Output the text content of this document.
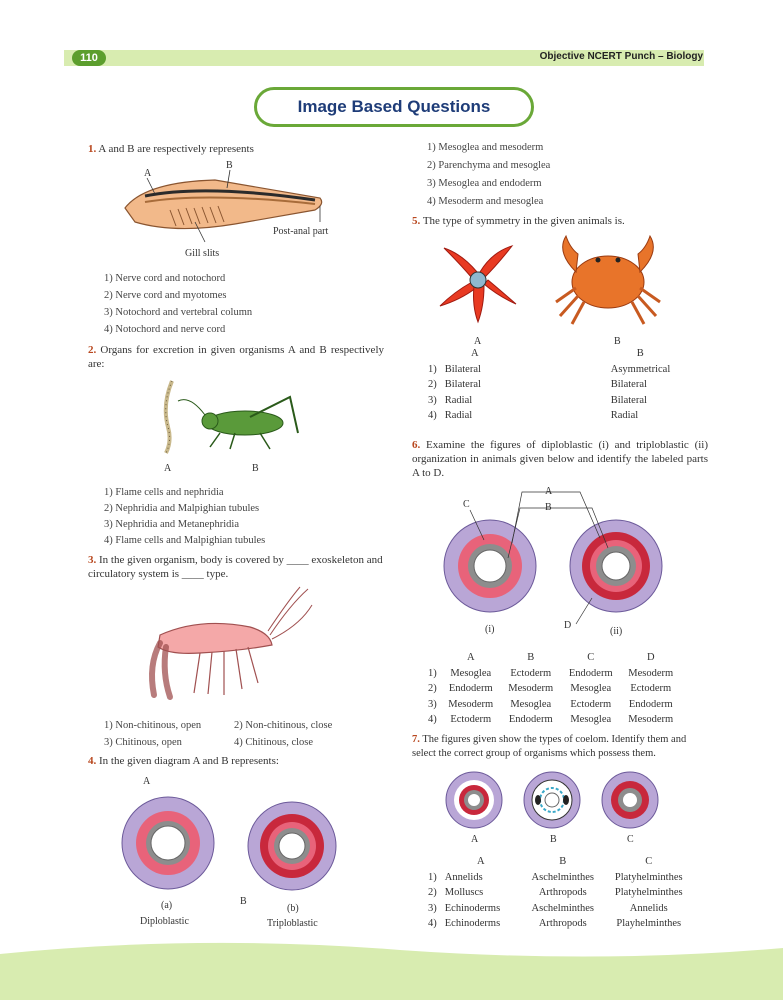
110	Objective NCERT Punch – Biology
Image Based Questions
1. A and B are respectively represents
A
B
Post-anal part
Gill slits
1) Nerve cord and notochord
2) Nerve cord and myotomes
3) Notochord and vertebral column
4) Notochord and nerve cord
2. Organs for excretion in given organisms A and B respectively are:
A	B
1) Flame cells and nephridia
2) Nephridia and Malpighian tubules
3) Nephridia and Metanephridia
4) Flame cells and Malpighian tubules
3. In the given organism, body is covered by ____ exoskeleton and circulatory system is ____ type.
1) Non-chitinous, open	2) Non-chitinous, close
3) Chitinous, open	4) Chitinous, close
4. In the given diagram A and B represents:
A
B
(a)	(b)
Diploblastic	Triploblastic
1) Mesoglea and mesoderm
2) Parenchyma and mesoglea
3) Mesoglea and endoderm
4) Mesoderm and mesoglea
5. The type of symmetry in the given animals is.
A	B
	A		B
1)	Bilateral		Asymmetrical
2)	Bilateral		Bilateral
3)	Radial		Bilateral
4)	Radial		Radial
6. Examine the figures of diploblastic (i) and triploblastic (ii) organization in animals given below and identify the labeled parts A to D.
A
B
C
D
(i)	(ii)
	A	B	C	D
1)	Mesoglea	Ectoderm	Endoderm	Mesoderm
2)	Endoderm	Mesoderm	Mesoglea	Ectoderm
3)	Mesoderm	Mesoglea	Ectoderm	Endoderm
4)	Ectoderm	Endoderm	Mesoglea	Mesoderm
7. The figures given show the types of coelom. Identify them and select the correct group of organisms which possess them.
A	B	C
	A	B	C
1)	Annelids	Aschelminthes	Platyhelminthes
2)	Molluscs	Arthropods	Platyhelminthes
3)	Echinoderms	Aschelminthes	Annelids
4)	Echinoderms	Arthropods	Playhelminthes
